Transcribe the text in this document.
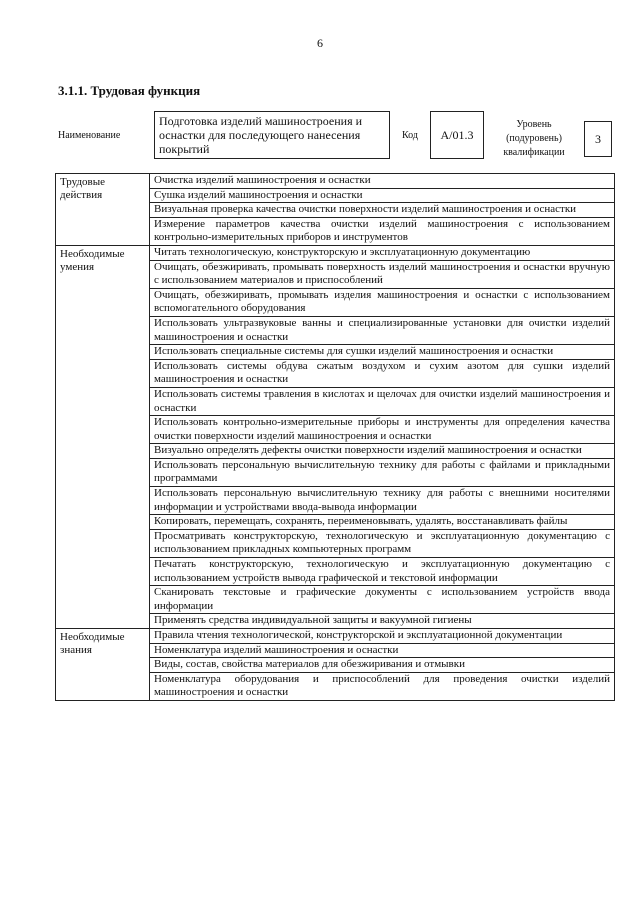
6
3.1.1. Трудовая функция
Наименование
Подготовка изделий машиностроения и оснастки для последующего нанесения покрытий
Код	A/01.3
Уровень (подуровень) квалификации
3
Трудовые действия	Очистка изделий машиностроения и оснастки
	Сушка изделий машиностроения и оснастки
	Визуальная проверка качества очистки поверхности изделий машиностроения и оснастки
	Измерение параметров качества очистки изделий машиностроения с использованием контрольно-измерительных приборов и инструментов
Необходимые умения	Читать технологическую, конструкторскую и эксплуатационную документацию
	Очищать, обезжиривать, промывать поверхность изделий машиностроения и оснастки вручную с использованием материалов и приспособлений
	Очищать, обезжиривать, промывать изделия машиностроения и оснастки с использованием вспомогательного оборудования
	Использовать ультразвуковые ванны и специализированные установки для очистки изделий машиностроения и оснастки
	Использовать специальные системы для сушки изделий машиностроения и оснастки
	Использовать системы обдува сжатым воздухом и сухим азотом для сушки изделий машиностроения и оснастки
	Использовать системы травления в кислотах и щелочах для очистки изделий машиностроения и оснастки
	Использовать контрольно-измерительные приборы и инструменты для определения качества очистки поверхности изделий машиностроения и оснастки
	Визуально определять дефекты очистки поверхности изделий машиностроения и оснастки
	Использовать персональную вычислительную технику для работы с файлами и прикладными программами
	Использовать персональную вычислительную технику для работы с внешними носителями информации и устройствами ввода-вывода информации
	Копировать, перемещать, сохранять, переименовывать, удалять, восстанавливать файлы
	Просматривать конструкторскую, технологическую и эксплуатационную документацию с использованием прикладных компьютерных программ
	Печатать конструкторскую, технологическую и эксплуатационную документацию с использованием устройств вывода графической и текстовой информации
	Сканировать текстовые и графические документы с использованием устройств ввода информации
	Применять средства индивидуальной защиты и вакуумной гигиены
Необходимые знания	Правила чтения технологической, конструкторской и эксплуатационной документации
	Номенклатура изделий машиностроения и оснастки
	Виды, состав, свойства материалов для обезжиривания и отмывки
	Номенклатура оборудования и приспособлений для проведения очистки изделий машиностроения и оснастки
